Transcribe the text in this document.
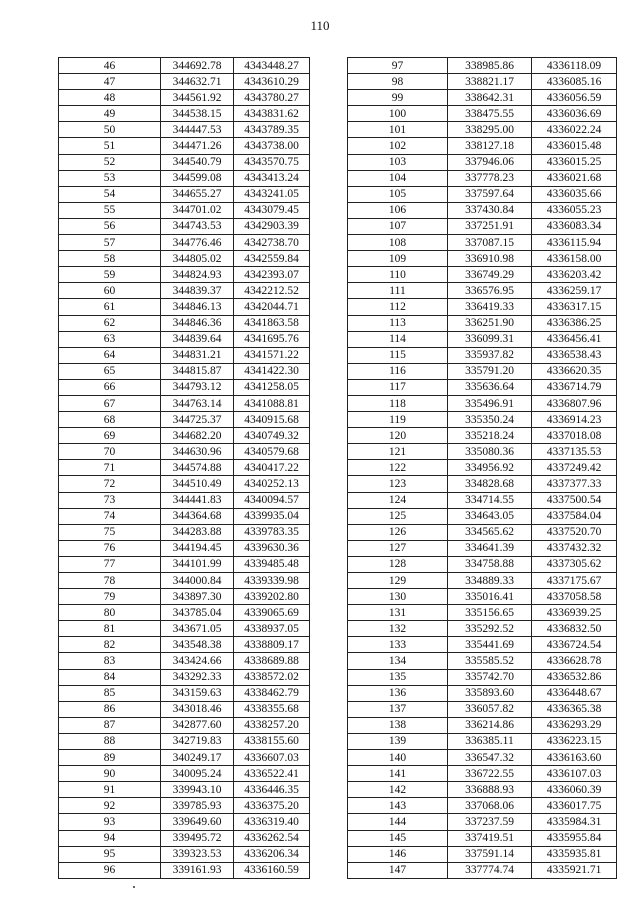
110
46	344692.78	4343448.27
47	344632.71	4343610.29
48	344561.92	4343780.27
49	344538.15	4343831.62
50	344447.53	4343789.35
51	344471.26	4343738.00
52	344540.79	4343570.75
53	344599.08	4343413.24
54	344655.27	4343241.05
55	344701.02	4343079.45
56	344743.53	4342903.39
57	344776.46	4342738.70
58	344805.02	4342559.84
59	344824.93	4342393.07
60	344839.37	4342212.52
61	344846.13	4342044.71
62	344846.36	4341863.58
63	344839.64	4341695.76
64	344831.21	4341571.22
65	344815.87	4341422.30
66	344793.12	4341258.05
67	344763.14	4341088.81
68	344725.37	4340915.68
69	344682.20	4340749.32
70	344630.96	4340579.68
71	344574.88	4340417.22
72	344510.49	4340252.13
73	344441.83	4340094.57
74	344364.68	4339935.04
75	344283.88	4339783.35
76	344194.45	4339630.36
77	344101.99	4339485.48
78	344000.84	4339339.98
79	343897.30	4339202.80
80	343785.04	4339065.69
81	343671.05	4338937.05
82	343548.38	4338809.17
83	343424.66	4338689.88
84	343292.33	4338572.02
85	343159.63	4338462.79
86	343018.46	4338355.68
87	342877.60	4338257.20
88	342719.83	4338155.60
89	340249.17	4336607.03
90	340095.24	4336522.41
91	339943.10	4336446.35
92	339785.93	4336375.20
93	339649.60	4336319.40
94	339495.72	4336262.54
95	339323.53	4336206.34
96	339161.93	4336160.59
97	338985.86	4336118.09
98	338821.17	4336085.16
99	338642.31	4336056.59
100	338475.55	4336036.69
101	338295.00	4336022.24
102	338127.18	4336015.48
103	337946.06	4336015.25
104	337778.23	4336021.68
105	337597.64	4336035.66
106	337430.84	4336055.23
107	337251.91	4336083.34
108	337087.15	4336115.94
109	336910.98	4336158.00
110	336749.29	4336203.42
111	336576.95	4336259.17
112	336419.33	4336317.15
113	336251.90	4336386.25
114	336099.31	4336456.41
115	335937.82	4336538.43
116	335791.20	4336620.35
117	335636.64	4336714.79
118	335496.91	4336807.96
119	335350.24	4336914.23
120	335218.24	4337018.08
121	335080.36	4337135.53
122	334956.92	4337249.42
123	334828.68	4337377.33
124	334714.55	4337500.54
125	334643.05	4337584.04
126	334565.62	4337520.70
127	334641.39	4337432.32
128	334758.88	4337305.62
129	334889.33	4337175.67
130	335016.41	4337058.58
131	335156.65	4336939.25
132	335292.52	4336832.50
133	335441.69	4336724.54
134	335585.52	4336628.78
135	335742.70	4336532.86
136	335893.60	4336448.67
137	336057.82	4336365.38
138	336214.86	4336293.29
139	336385.11	4336223.15
140	336547.32	4336163.60
141	336722.55	4336107.03
142	336888.93	4336060.39
143	337068.06	4336017.75
144	337237.59	4335984.31
145	337419.51	4335955.84
146	337591.14	4335935.81
147	337774.74	4335921.71
